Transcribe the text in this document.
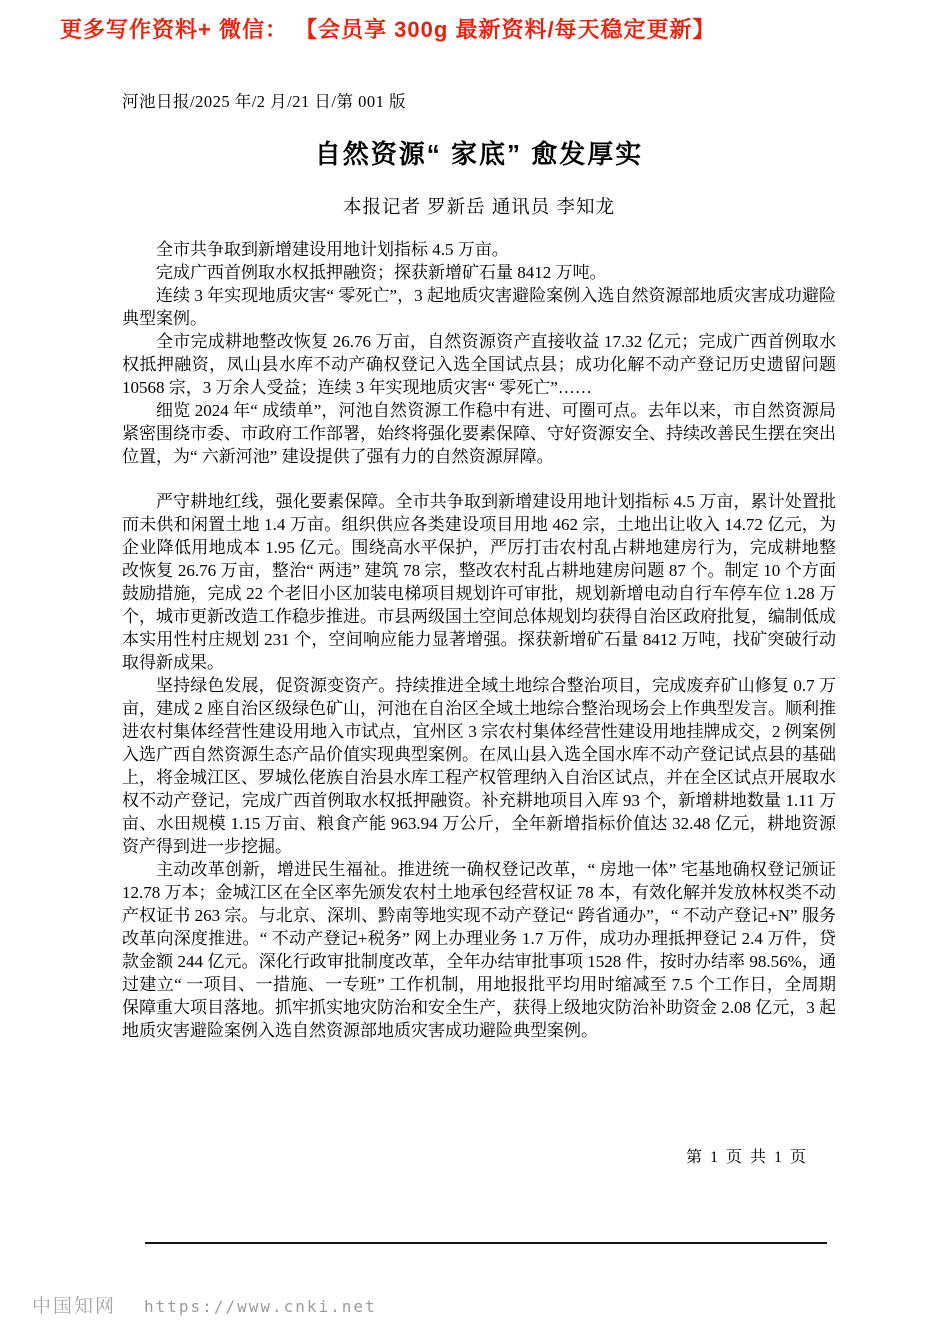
更多写作资料+ 微信： 【会员享 300g 最新资料/每天稳定更新】
河池日报/2025 年/2 月/21 日/第 001 版
自然资源“ 家底” 愈发厚实
本报记者 罗新岳 通讯员 李知龙

全市共争取到新增建设用地计划指标 4.5 万亩。

完成广西首例取水权抵押融资；探获新增矿石量 8412 万吨。

连续 3 年实现地质灾害“ 零死亡”，3 起地质灾害避险案例入选自然资源部地质灾害成功避险典型案例。

全市完成耕地整改恢复 26.76 万亩，自然资源资产直接收益 17.32 亿元；完成广西首例取水权抵押融资，凤山县水库不动产确权登记入选全国试点县；成功化解不动产登记历史遗留问题 10568 宗，3 万余人受益；连续 3 年实现地质灾害“ 零死亡”……

细览 2024 年“ 成绩单”，河池自然资源工作稳中有进、可圈可点。去年以来，市自然资源局紧密围绕市委、市政府工作部署，始终将强化要素保障、守好资源安全、持续改善民生摆在突出位置，为“ 六新河池” 建设提供了强有力的自然资源屏障。

严守耕地红线，强化要素保障。全市共争取到新增建设用地计划指标 4.5 万亩，累计处置批而未供和闲置土地 1.4 万亩。组织供应各类建设项目用地 462 宗，土地出让收入 14.72 亿元，为企业降低用地成本 1.95 亿元。围绕高水平保护，严厉打击农村乱占耕地建房行为，完成耕地整改恢复 26.76 万亩，整治“ 两违” 建筑 78 宗，整改农村乱占耕地建房问题 87 个。制定 10 个方面鼓励措施，完成 22 个老旧小区加装电梯项目规划许可审批，规划新增电动自行车停车位 1.28 万个，城市更新改造工作稳步推进。市县两级国土空间总体规划均获得自治区政府批复，编制低成本实用性村庄规划 231 个，空间响应能力显著增强。探获新增矿石量 8412 万吨，找矿突破行动取得新成果。

坚持绿色发展，促资源变资产。持续推进全域土地综合整治项目，完成废弃矿山修复 0.7 万亩，建成 2 座自治区级绿色矿山，河池在自治区全域土地综合整治现场会上作典型发言。顺利推进农村集体经营性建设用地入市试点，宜州区 3 宗农村集体经营性建设用地挂牌成交，2 例案例入选广西自然资源生态产品价值实现典型案例。在凤山县入选全国水库不动产登记试点县的基础上，将金城江区、罗城仫佬族自治县水库工程产权管理纳入自治区试点，并在全区试点开展取水权不动产登记，完成广西首例取水权抵押融资。补充耕地项目入库 93 个，新增耕地数量 1.11 万亩、水田规模 1.15 万亩、粮食产能 963.94 万公斤，全年新增指标价值达 32.48 亿元，耕地资源资产得到进一步挖掘。

主动改革创新，增进民生福祉。推进统一确权登记改革，“ 房地一体” 宅基地确权登记颁证 12.78 万本；金城江区在全区率先颁发农村土地承包经营权证 78 本，有效化解并发放林权类不动产权证书 263 宗。与北京、深圳、黔南等地实现不动产登记“ 跨省通办”，“ 不动产登记+N” 服务改革向深度推进。“ 不动产登记+税务” 网上办理业务 1.7 万件，成功办理抵押登记 2.4 万件，贷款金额 244 亿元。深化行政审批制度改革，全年办结审批事项 1528 件，按时办结率 98.56%，通过建立“ 一项目、一措施、一专班” 工作机制，用地报批平均用时缩减至 7.5 个工作日，全周期保障重大项目落地。抓牢抓实地灾防治和安全生产，获得上级地灾防治补助资金 2.08 亿元，3 起地质灾害避险案例入选自然资源部地质灾害成功避险典型案例。

第 1 页 共 1 页
中国知网 https://www.cnki.net
